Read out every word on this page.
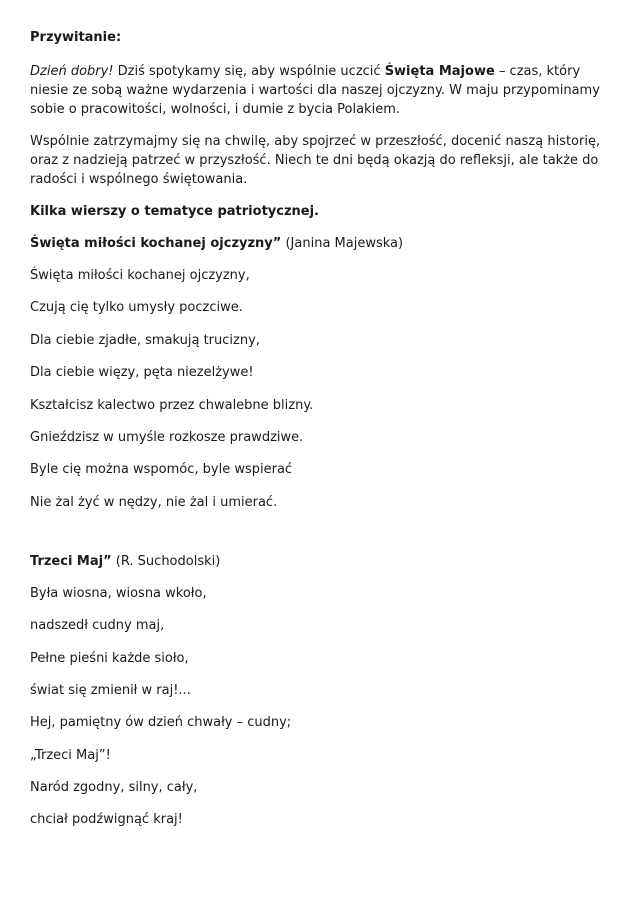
Przywitanie:

Dzień dobry! Dziś spotykamy się, aby wspólnie uczcić Święta Majowe – czas, który niesie ze sobą ważne wydarzenia i wartości dla naszej ojczyzny. W maju przypominamy sobie o pracowitości, wolności, i dumie z bycia Polakiem.

Wspólnie zatrzymajmy się na chwilę, aby spojrzeć w przeszłość, docenić naszą historię, oraz z nadzieją patrzeć w przyszłość. Niech te dni będą okazją do refleksji, ale także do radości i wspólnego świętowania.

Kilka wierszy o tematyce patriotycznej.

Święta miłości kochanej ojczyzny” (Janina Majewska)

Święta miłości kochanej ojczyzny,

Czują cię tylko umysły poczciwe.

Dla ciebie zjadłe, smakują trucizny,

Dla ciebie więzy, pęta niezelżywe!

Kształcisz kalectwo przez chwalebne blizny.

Gnieździsz w umyśle rozkosze prawdziwe.

Byle cię można wspomóc, byle wspierać

Nie żal żyć w nędzy, nie żal i umierać.

Trzeci Maj” (R. Suchodolski)

Była wiosna, wiosna wkoło,

nadszedł cudny maj,

Pełne pieśni każde sioło,

świat się zmienił w raj!...

Hej, pamiętny ów dzień chwały – cudny;

„Trzeci Maj”!

Naród zgodny, silny, cały,

chciał podźwignąć kraj!
